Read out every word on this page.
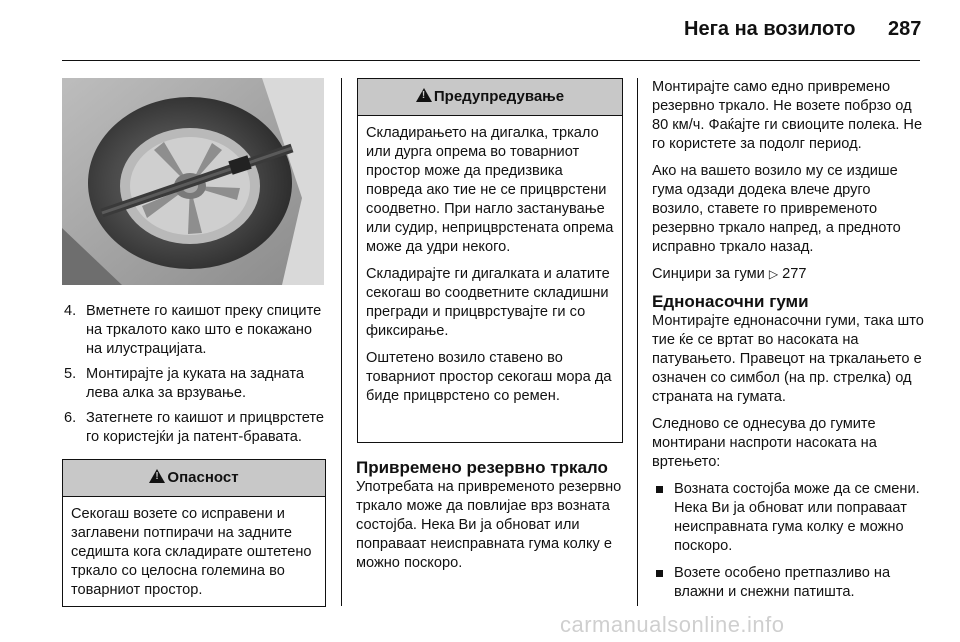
Нега на возилото 287
4. Вметнете го каишот преку спиците на тркалото како што е покажано на илустрацијата.
5. Монтирајте ја куката на задната лева алка за врзување.
6. Затегнете го каишот и прицврстете го користејќи ја патент-бравата.
!Опасност

Секогаш возете со исправени и заглавени потпирачи на задните седишта кога складирате оштетено тркало со целосна големина во товарниот простор.

!Предупредување

Складирањето на дигалка, тркало или дурга опрема во товарниот простор може да предизвика повреда ако тие не се прицврстени соодветно. При нагло застанување или судир, неприцврстената опрема може да удри некого.

Складирајте ги дигалката и алатите секогаш во соодветните складишни прегради и прицврстувајте ги со фиксирање.

Оштетено возило ставено во товарниот простор секогаш мора да биде прицврстено со ремен.

Привремено резервно тркало
Употребата на привременото резервно тркало може да повлијае врз возната состојба. Нека Ви ја обноват или поправаат неисправната гума колку е можно поскоро.

Монтирајте само едно привремено резервно тркало. Не возете побрзо од 80 км/ч. Фаќајте ги свиоците полека. Не го користете за подолг период.

Ако на вашето возило му се издише гума одзади додека влече друго возило, ставете го привременото резервно тркало напред, а предното исправно тркало назад.

Синџири за гуми ▷ 277

Еднонасочни гуми

Монтирајте еднонасочни гуми, така што тие ќе се вртат во насоката на патувањето. Правецот на тркалањето е означен со симбол (на пр. стрелка) од страната на гумата.

Следново се однесува до гумите монтирани наспроти насоката на вртењето:

Возната состојба може да се смени. Нека Ви ја обноват или поправаат неисправната гума колку е можно поскоро.
Возете особено претпазливо на влажни и снежни патишта.
carmanualsonline.info
